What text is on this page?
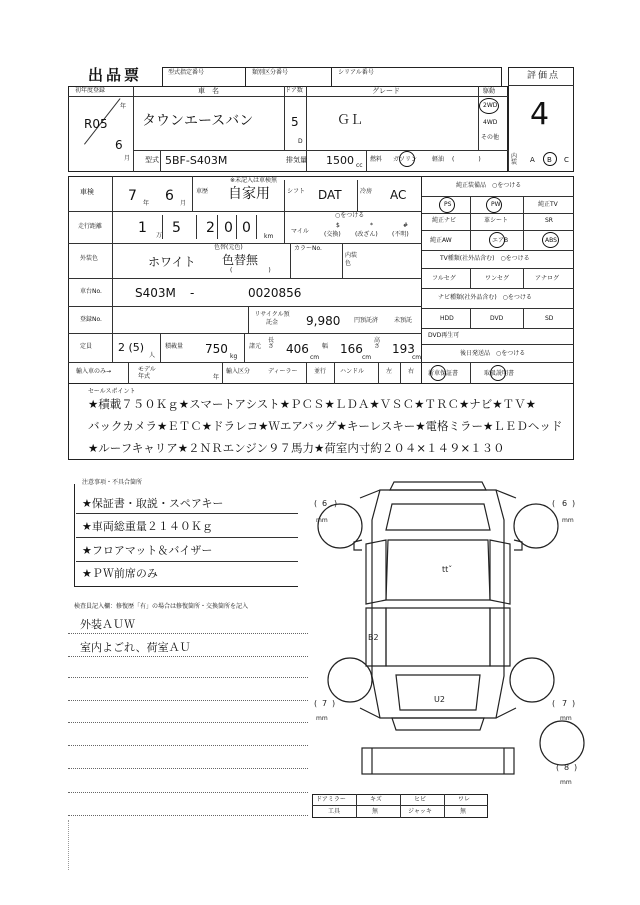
出品票	型式指定番号	類別区分番号	シリアル番号	評価点
4
初年度登録
R05
年
6
月
車　名
タウンエースバン
ドア数
5
D
グレード
ＧＬ
駆動
2WD
4WD
その他
型式 5BF-S403M	排気量 1500 cc
燃料 ガソリン 軽油 (　　　　)	内装 A B C
※未記入は車検無
車検 7 年 6 月
車歴 自家用	シフト DAT	冷房 AC
走行距離	1 万 5 2 0 0
km
○をつける
マイル
$
(交換)
*
(改ざん)
#
(不明)
外装色
色替(元色)
ホワイト 色替無
(　　　　　　)
カラーNo.
内装色
車台No.	S403M -	0020856
登録No.
リサイクル預託金	9,980 円預託済	未預託
定員 2 (5)
人
積載量 750
kg
諸元
長さ 406
cm
幅 166
cm
高さ 193
cm
輸入車のみ→	モデル年式	年
輸入区分	ディーラー	並行 ハンドル	左	右
純正装備品　○をつける
PS	PW	純正TV
純正ナビ	革シート	SR
純正AW	エアB	ABS
TV種類(社外品含む)　○をつける
フルセグ	ワンセグ	アナログ
ナビ種類(社外品含む)　○をつける
HDD	DVD	SD
DVD再生可
後日発送品　○をつける
新車保証書	取扱説明書
セールスポイント
★積載７５０Ｋｇ★スマートアシスト★ＰＣＳ★ＬＤＡ★ＶＳＣ★ＴＲＣ★ナビ★ＴＶ★
バックカメラ★ＥＴＣ★ドラレコ★Ｗエアバッグ★キーレスキー★電格ミラー★ＬＥＤヘッド
★ルーフキャリア★２ＮＲエンジン９７馬力★荷室内寸約２０４×１４９×１３０
注意事項・不具合箇所
★保証書・取説・スペアキー
★車両総重量２１４０Ｋｇ
★フロアマット＆バイザー
★ＰＷ前席のみ
検査員記入欄：修復歴「有」の場合は修復箇所・交換箇所を記入
外装ＡＵＷ
室内よごれ、荷室ＡＵ
( 6 )
mm
( 6 )
mm
( 7 )
mm
( 7 )
mm
( 8 )
mm
ttˇ
B2
U2
ドアミラー	キズ	ヒビ	ワレ
工具	無	ジャッキ	無
